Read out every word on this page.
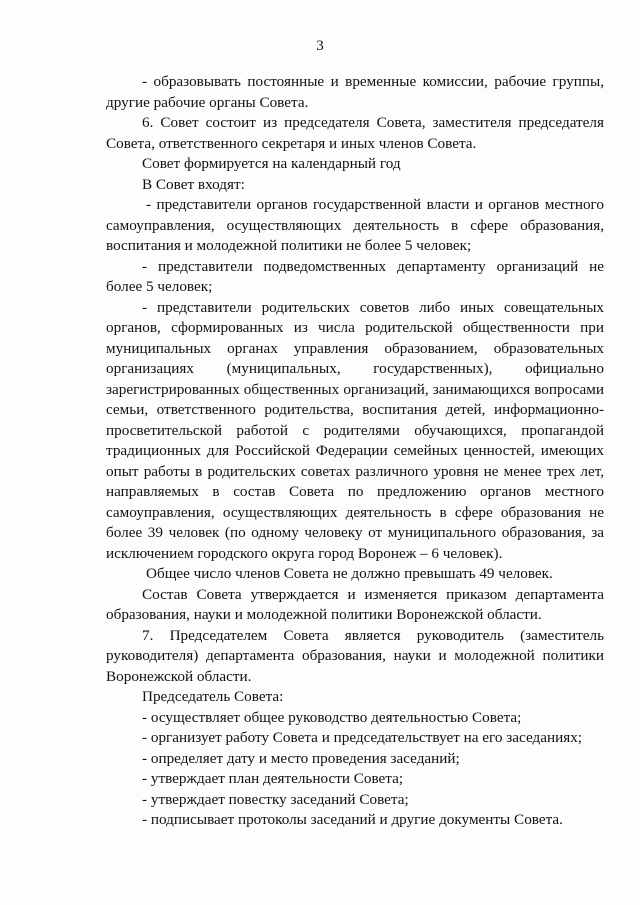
3

- образовывать постоянные и временные комиссии, рабочие группы, другие рабочие органы Совета.

6. Совет состоит из председателя Совета, заместителя председателя Совета, ответственного секретаря и иных членов Совета.

Совет формируется на календарный год

В Совет входят:

- представители органов государственной власти и органов местного самоуправления, осуществляющих деятельность в сфере образования, воспитания и молодежной политики не более 5 человек;

- представители подведомственных департаменту организаций не более 5 человек;

- представители родительских советов либо иных совещательных органов, сформированных из числа родительской общественности при муниципальных органах управления образованием, образовательных организациях (муниципальных, государственных), официально зарегистрированных общественных организаций, занимающихся вопросами семьи, ответственного родительства, воспитания детей, информационно-просветительской работой с родителями обучающихся, пропагандой традиционных для Российской Федерации семейных ценностей, имеющих опыт работы в родительских советах различного уровня не менее трех лет, направляемых в состав Совета по предложению органов местного самоуправления, осуществляющих деятельность в сфере образования не более 39 человек (по одному человеку от муниципального образования, за исключением городского округа город Воронеж – 6 человек).

Общее число членов Совета не должно превышать 49 человек.

Состав Совета утверждается и изменяется приказом департамента образования, науки и молодежной политики Воронежской области.

7. Председателем Совета является руководитель (заместитель руководителя) департамента образования, науки и молодежной политики Воронежской области.

Председатель Совета:

- осуществляет общее руководство деятельностью Совета;

- организует работу Совета и председательствует на его заседаниях;

- определяет дату и место проведения заседаний;

- утверждает план деятельности Совета;

- утверждает повестку заседаний Совета;

- подписывает протоколы заседаний и другие документы Совета.
